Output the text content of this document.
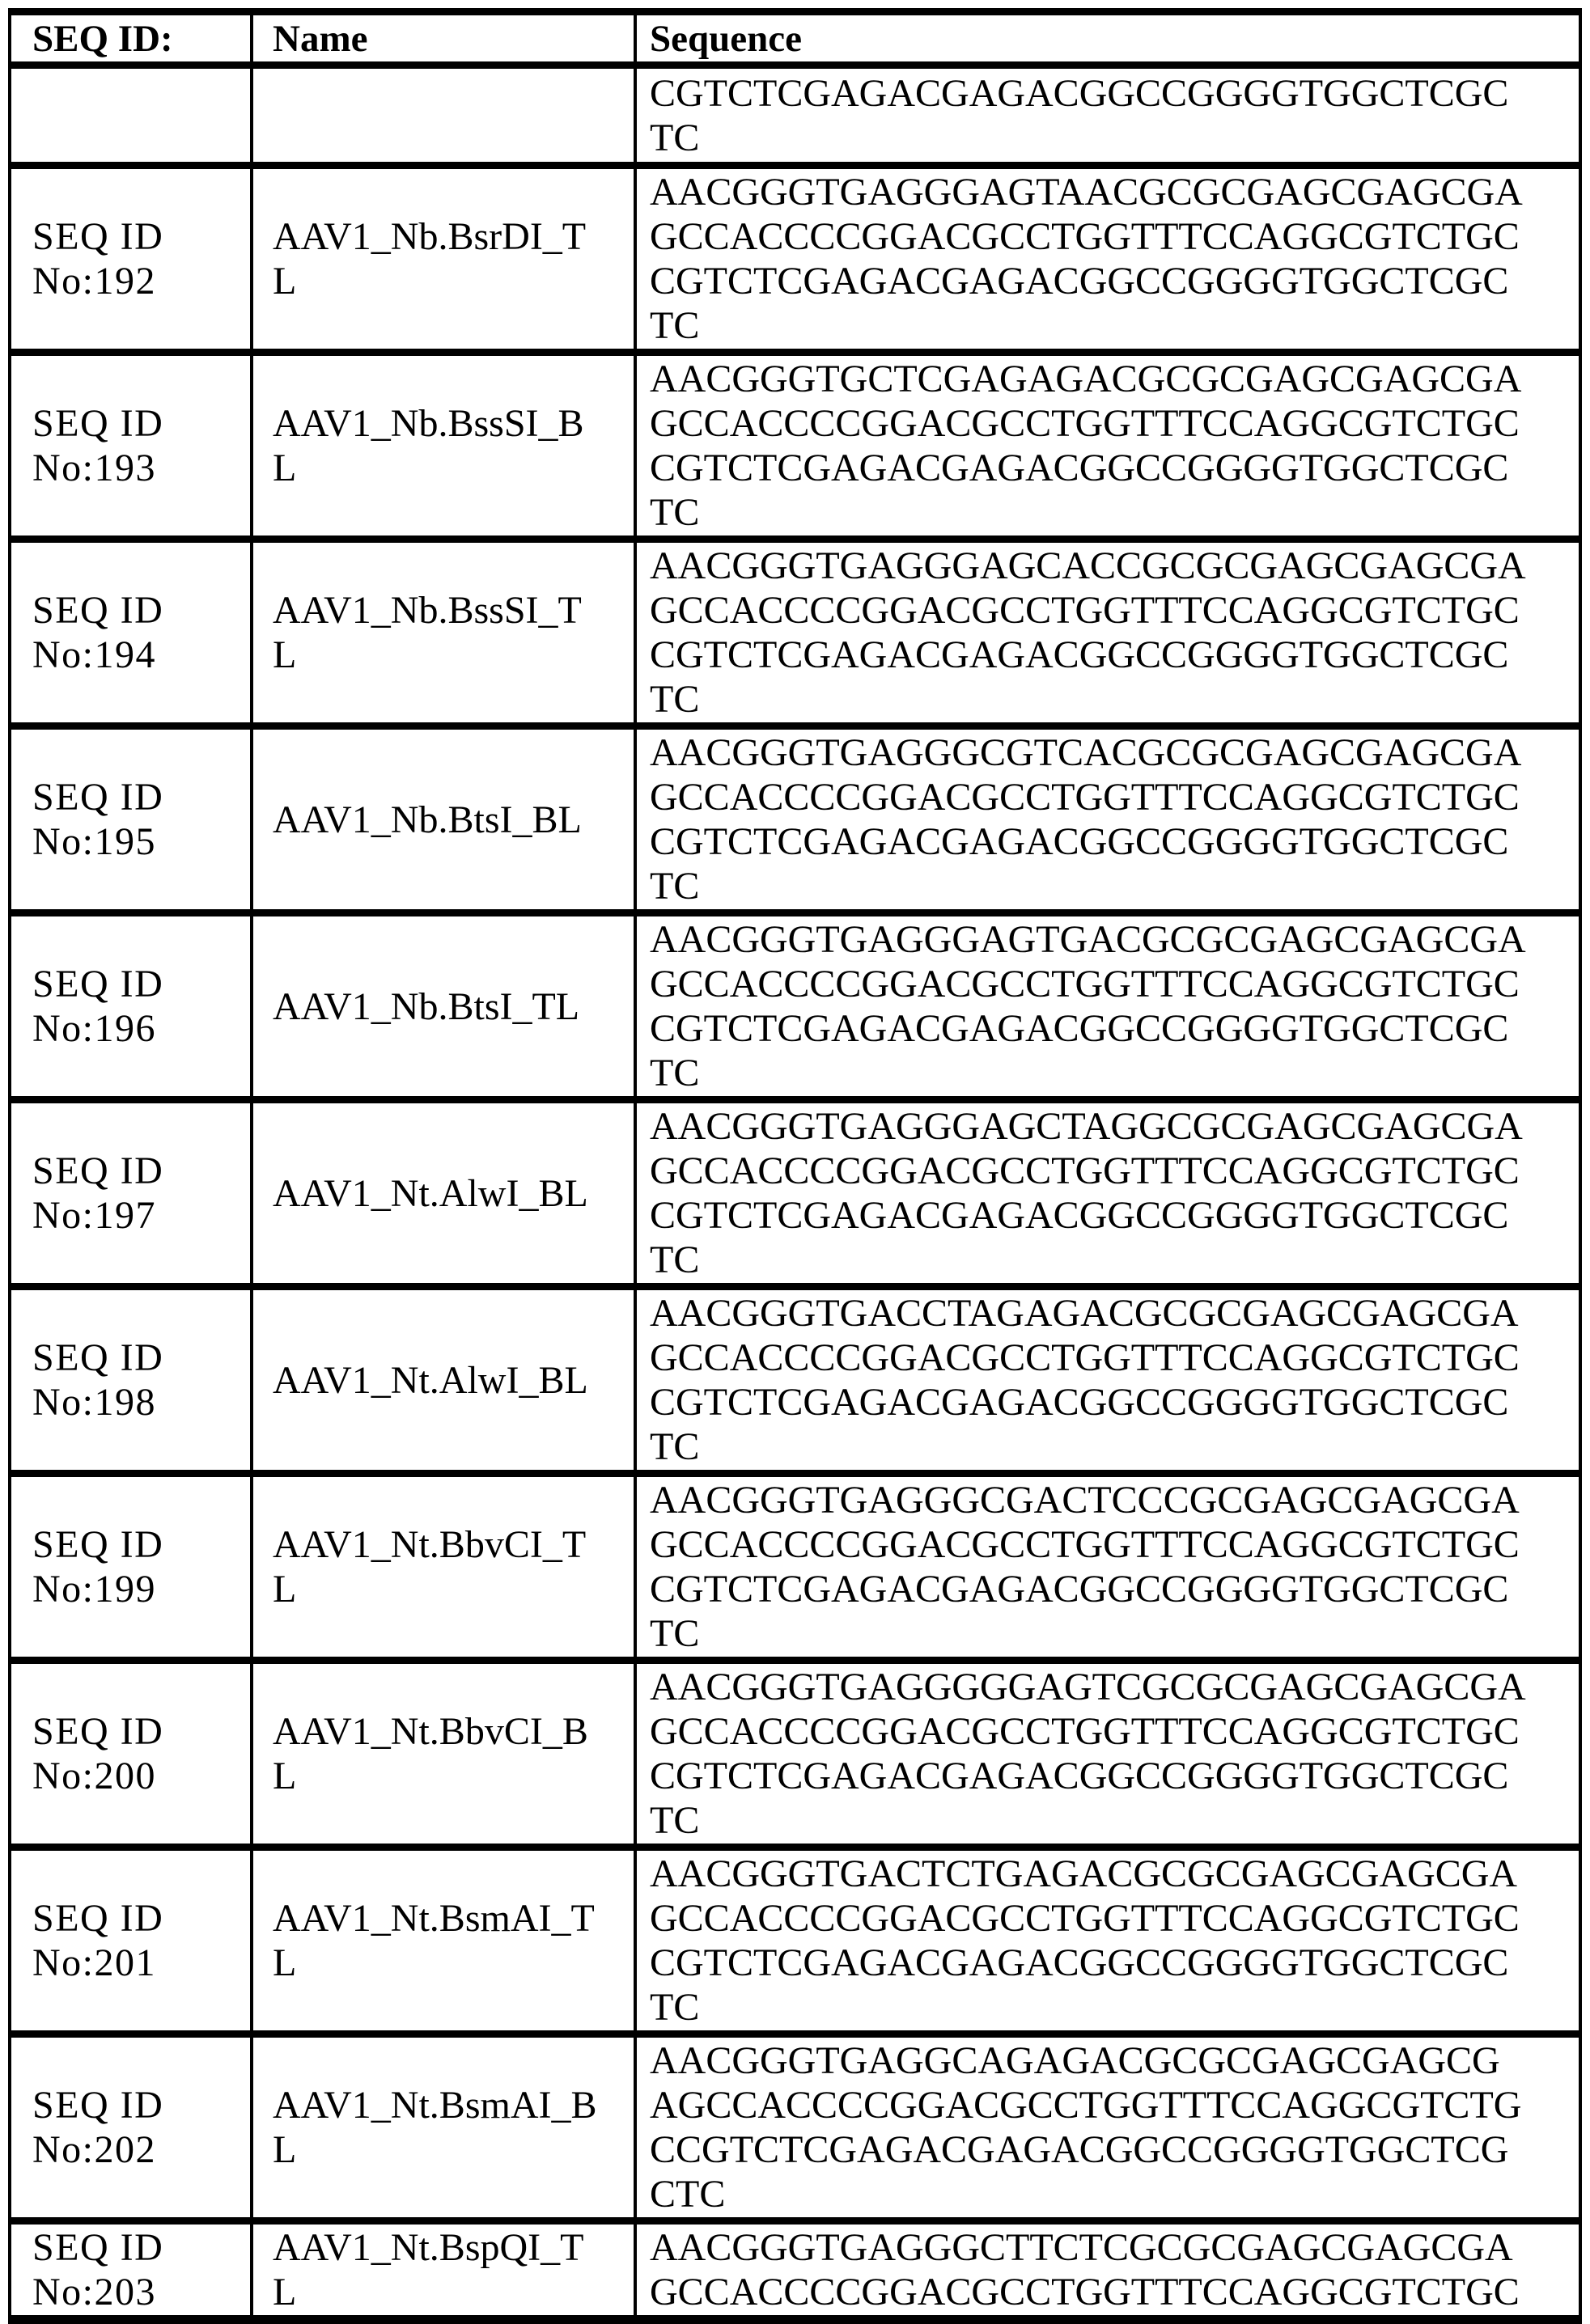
SEQ ID:	Name	Sequence
CGTCTCGAGACGAGACGGCCGGGGTGGCTCGC
TC
SEQ ID No:192
AAV1_Nb.BsrDI_TL
AACGGGTGAGGGAGTAACGCGCGAGCGAGCGA
GCCACCCCGGACGCCTGGTTTCCAGGCGTCTGC
CGTCTCGAGACGAGACGGCCGGGGTGGCTCGC
TC
SEQ ID No:193
AAV1_Nb.BssSI_BL
AACGGGTGCTCGAGAGACGCGCGAGCGAGCGA
GCCACCCCGGACGCCTGGTTTCCAGGCGTCTGC
CGTCTCGAGACGAGACGGCCGGGGTGGCTCGC
TC
SEQ ID No:194
AAV1_Nb.BssSI_TL
AACGGGTGAGGGAGCACCGCGCGAGCGAGCGA
GCCACCCCGGACGCCTGGTTTCCAGGCGTCTGC
CGTCTCGAGACGAGACGGCCGGGGTGGCTCGC
TC
SEQ ID No:195
AAV1_Nb.BtsI_BL
AACGGGTGAGGGCGTCACGCGCGAGCGAGCGA
GCCACCCCGGACGCCTGGTTTCCAGGCGTCTGC
CGTCTCGAGACGAGACGGCCGGGGTGGCTCGC
TC
SEQ ID No:196
AAV1_Nb.BtsI_TL
AACGGGTGAGGGAGTGACGCGCGAGCGAGCGA
GCCACCCCGGACGCCTGGTTTCCAGGCGTCTGC
CGTCTCGAGACGAGACGGCCGGGGTGGCTCGC
TC
SEQ ID No:197
AAV1_Nt.AlwI_BL
AACGGGTGAGGGAGCTAGGCGCGAGCGAGCGA
GCCACCCCGGACGCCTGGTTTCCAGGCGTCTGC
CGTCTCGAGACGAGACGGCCGGGGTGGCTCGC
TC
SEQ ID No:198
AAV1_Nt.AlwI_BL
AACGGGTGACCTAGAGACGCGCGAGCGAGCGA
GCCACCCCGGACGCCTGGTTTCCAGGCGTCTGC
CGTCTCGAGACGAGACGGCCGGGGTGGCTCGC
TC
SEQ ID No:199
AAV1_Nt.BbvCI_TL
AACGGGTGAGGGCGACTCCCGCGAGCGAGCGA
GCCACCCCGGACGCCTGGTTTCCAGGCGTCTGC
CGTCTCGAGACGAGACGGCCGGGGTGGCTCGC
TC
SEQ ID No:200
AAV1_Nt.BbvCI_BL
AACGGGTGAGGGGGAGTCGCGCGAGCGAGCGA
GCCACCCCGGACGCCTGGTTTCCAGGCGTCTGC
CGTCTCGAGACGAGACGGCCGGGGTGGCTCGC
TC
SEQ ID No:201
AAV1_Nt.BsmAI_TL
AACGGGTGACTCTGAGACGCGCGAGCGAGCGA
GCCACCCCGGACGCCTGGTTTCCAGGCGTCTGC
CGTCTCGAGACGAGACGGCCGGGGTGGCTCGC
TC
SEQ ID No:202
AAV1_Nt.BsmAI_BL
AACGGGTGAGGCAGAGACGCGCGAGCGAGCG
AGCCACCCCGGACGCCTGGTTTCCAGGCGTCTG
CCGTCTCGAGACGAGACGGCCGGGGTGGCTCG
CTC
SEQ ID No:203
AAV1_Nt.BspQI_TL
AACGGGTGAGGGCTTCTCGCGCGAGCGAGCGA
GCCACCCCGGACGCCTGGTTTCCAGGCGTCTGC
